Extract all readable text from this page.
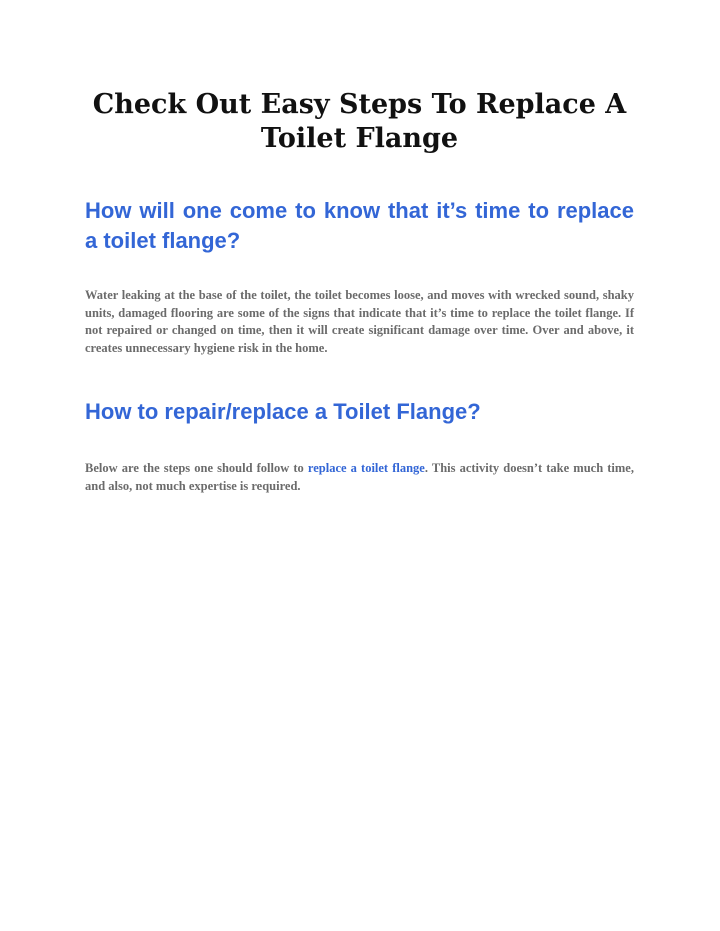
Check Out Easy Steps To Replace A Toilet Flange
How will one come to know that it’s time to replace a toilet flange?

Water leaking at the base of the toilet, the toilet becomes loose, and moves with wrecked sound, shaky units, damaged flooring are some of the signs that indicate that it’s time to replace the toilet flange. If not repaired or changed on time, then it will create significant damage over time. Over and above, it creates unnecessary hygiene risk in the home.

How to repair/replace a Toilet Flange?

Below are the steps one should follow to replace a toilet flange. This activity doesn’t take much time, and also, not much expertise is required.
